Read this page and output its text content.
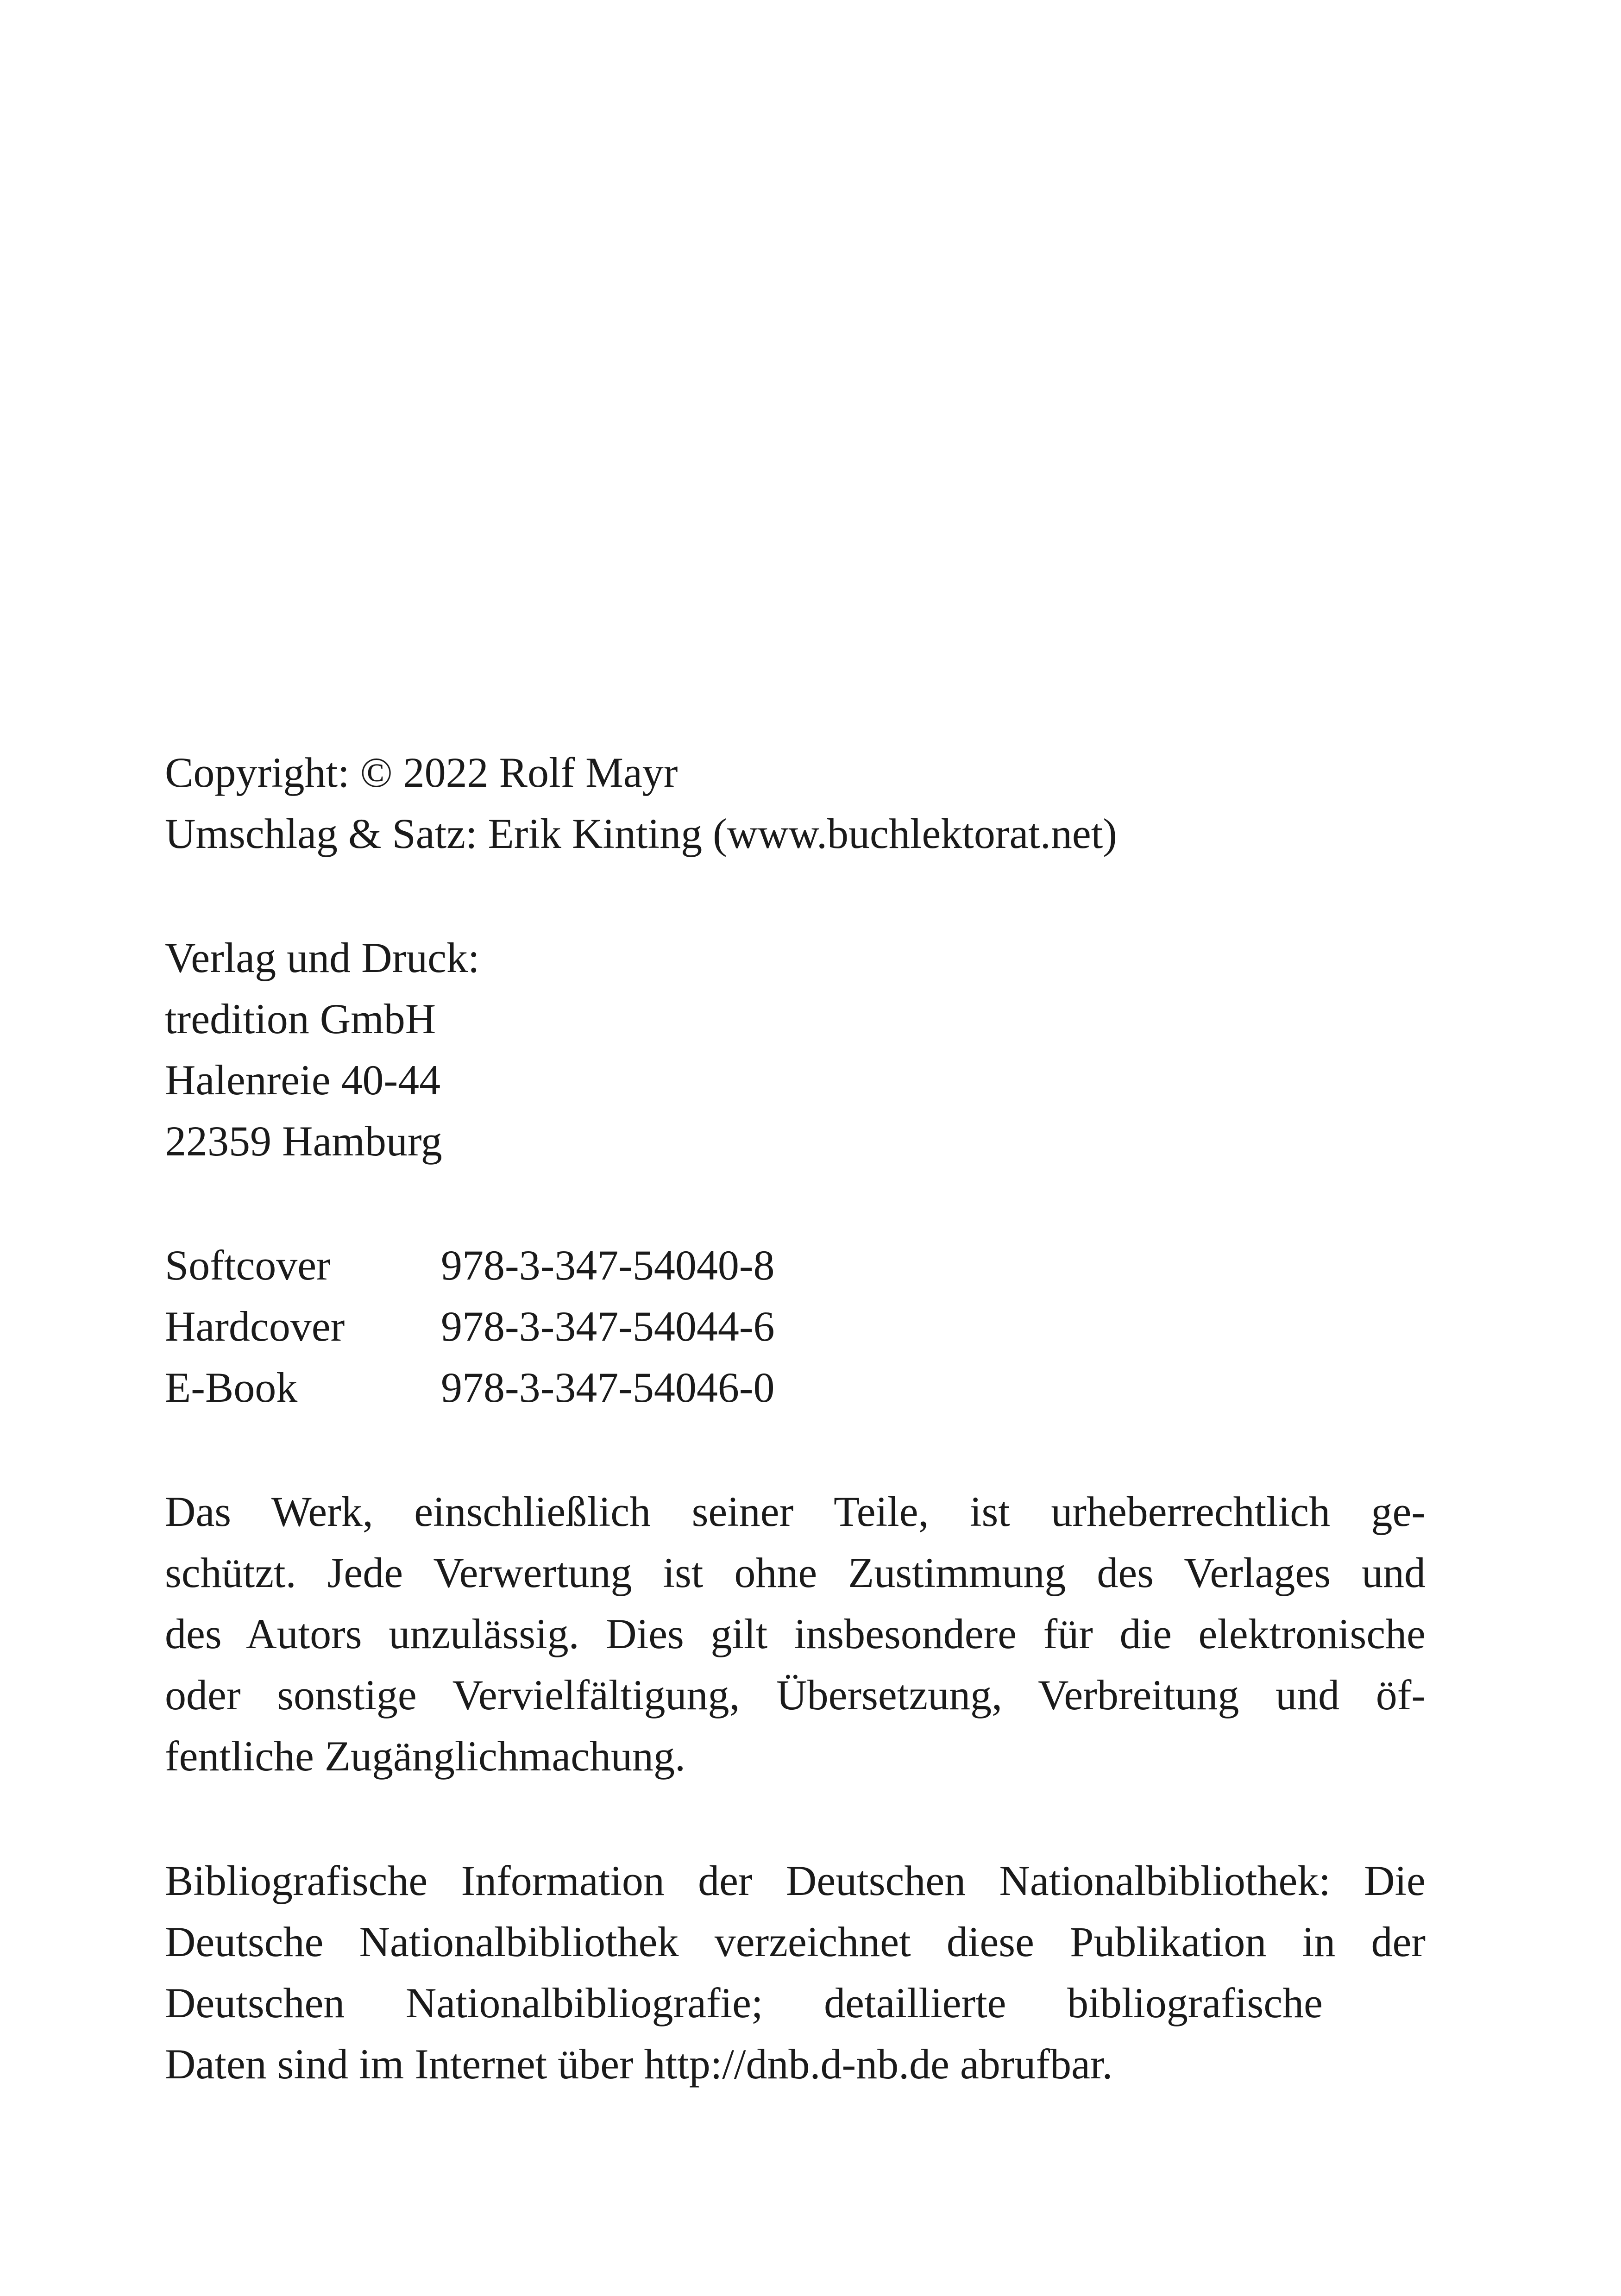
Copyright: © 2022 Rolf Mayr
Umschlag & Satz: Erik Kinting (www.buchlektorat.net)
Verlag und Druck:
tredition GmbH
Halenreie 40-44
22359 Hamburg
Softcover	978-3-347-54040-8
Hardcover	978-3-347-54044-6
E-Book	978-3-347-54046-0
Das Werk, einschließlich seiner Teile, ist urheberrechtlich ge-
schützt. Jede Verwertung ist ohne Zustimmung des Verlages und
des Autors unzulässig. Dies gilt insbesondere für die elektronische
oder sonstige Vervielfältigung, Übersetzung, Verbreitung und öf-
fentliche Zugänglichmachung.
Bibliografische Information der Deutschen Nationalbibliothek: Die
Deutsche Nationalbibliothek verzeichnet diese Publikation in der
Deutschen Nationalbibliografie; detaillierte bibliografische
Daten sind im Internet über http://dnb.d-nb.de abrufbar.
